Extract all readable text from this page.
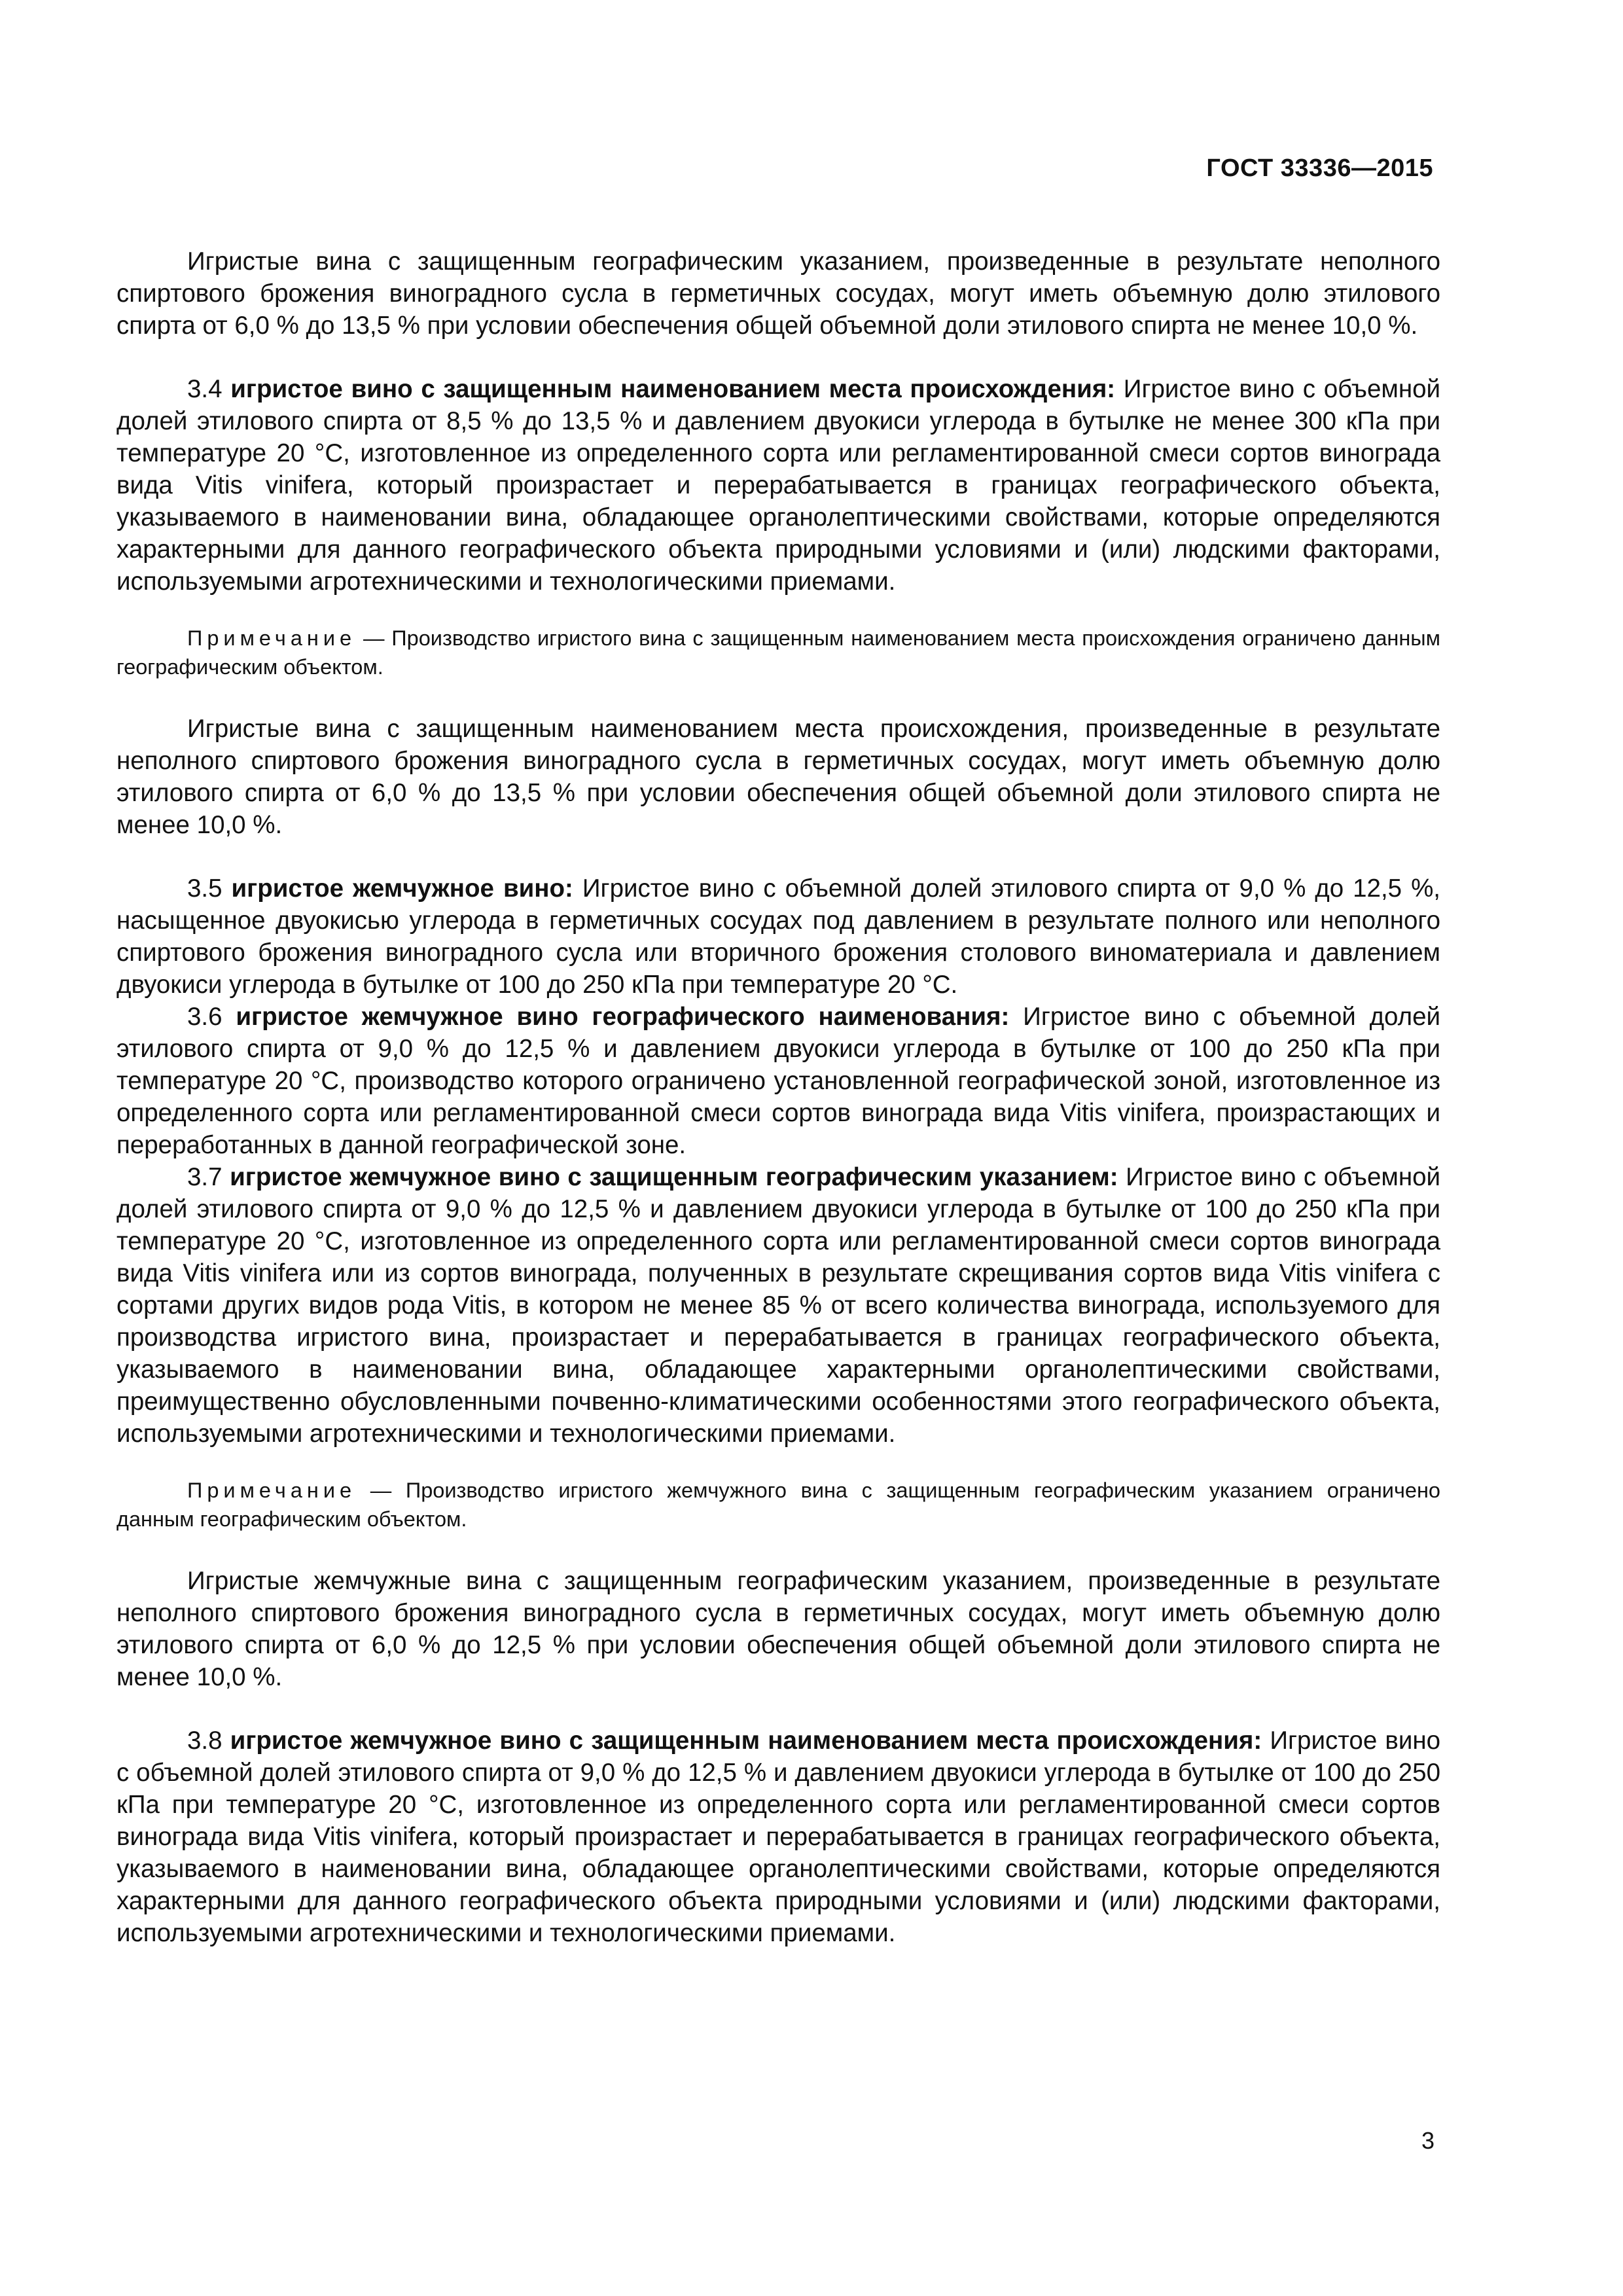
ГОСТ 33336—2015

Игристые вина с защищенным географическим указанием, произведенные в результате неполного спиртового брожения виноградного сусла в герметичных сосудах, могут иметь объемную долю этилового спирта от 6,0 % до 13,5 % при условии обеспечения общей объемной доли этилового спирта не менее 10,0 %.

3.4 игристое вино с защищенным наименованием места происхождения: Игристое вино с объемной долей этилового спирта от 8,5 % до 13,5 % и давлением двуокиси углерода в бутылке не менее 300 кПа при температуре 20 °С, изготовленное из определенного сорта или регламентированной смеси сортов винограда вида Vitis vinifera, который произрастает и перерабатывается в границах географического объекта, указываемого в наименовании вина, обладающее органолептическими свойствами, которые определяются характерными для данного географического объекта природными условиями и (или) людскими факторами, используемыми агротехническими и технологическими приемами.

Примечание — Производство игристого вина с защищенным наименованием места происхождения ограничено данным географическим объектом.

Игристые вина с защищенным наименованием места происхождения, произведенные в результате неполного спиртового брожения виноградного сусла в герметичных сосудах, могут иметь объемную долю этилового спирта от 6,0 % до 13,5 % при условии обеспечения общей объемной доли этилового спирта не менее 10,0 %.

3.5 игристое жемчужное вино: Игристое вино с объемной долей этилового спирта от 9,0 % до 12,5 %, насыщенное двуокисью углерода в герметичных сосудах под давлением в результате полного или неполного спиртового брожения виноградного сусла или вторичного брожения столового виноматериала и давлением двуокиси углерода в бутылке от 100 до 250 кПа при температуре 20 °С.

3.6 игристое жемчужное вино географического наименования: Игристое вино с объемной долей этилового спирта от 9,0 % до 12,5 % и давлением двуокиси углерода в бутылке от 100 до 250 кПа при температуре 20 °С, производство которого ограничено установленной географической зоной, изготовленное из определенного сорта или регламентированной смеси сортов винограда вида Vitis vinifera, произрастающих и переработанных в данной географической зоне.

3.7 игристое жемчужное вино с защищенным географическим указанием: Игристое вино с объемной долей этилового спирта от 9,0 % до 12,5 % и давлением двуокиси углерода в бутылке от 100 до 250 кПа при температуре 20 °С, изготовленное из определенного сорта или регламентированной смеси сортов винограда вида Vitis vinifera или из сортов винограда, полученных в результате скрещивания сортов вида Vitis vinifera с сортами других видов рода Vitis, в котором не менее 85 % от всего количества винограда, используемого для производства игристого вина, произрастает и перерабатывается в границах географического объекта, указываемого в наименовании вина, обладающее характерными органолептическими свойствами, преимущественно обусловленными почвенно-климатическими особенностями этого географического объекта, используемыми агротехническими и технологическими приемами.

Примечание — Производство игристого жемчужного вина с защищенным географическим указанием ограничено данным географическим объектом.

Игристые жемчужные вина с защищенным географическим указанием, произведенные в результате неполного спиртового брожения виноградного сусла в герметичных сосудах, могут иметь объемную долю этилового спирта от 6,0 % до 12,5 % при условии обеспечения общей объемной доли этилового спирта не менее 10,0 %.

3.8 игристое жемчужное вино с защищенным наименованием места происхождения: Игристое вино с объемной долей этилового спирта от 9,0 % до 12,5 % и давлением двуокиси углерода в бутылке от 100 до 250 кПа при температуре 20 °С, изготовленное из определенного сорта или регламентированной смеси сортов винограда вида Vitis vinifera, который произрастает и перерабатывается в границах географического объекта, указываемого в наименовании вина, обладающее органолептическими свойствами, которые определяются характерными для данного географического объекта природными условиями и (или) людскими факторами, используемыми агротехническими и технологическими приемами.

3
